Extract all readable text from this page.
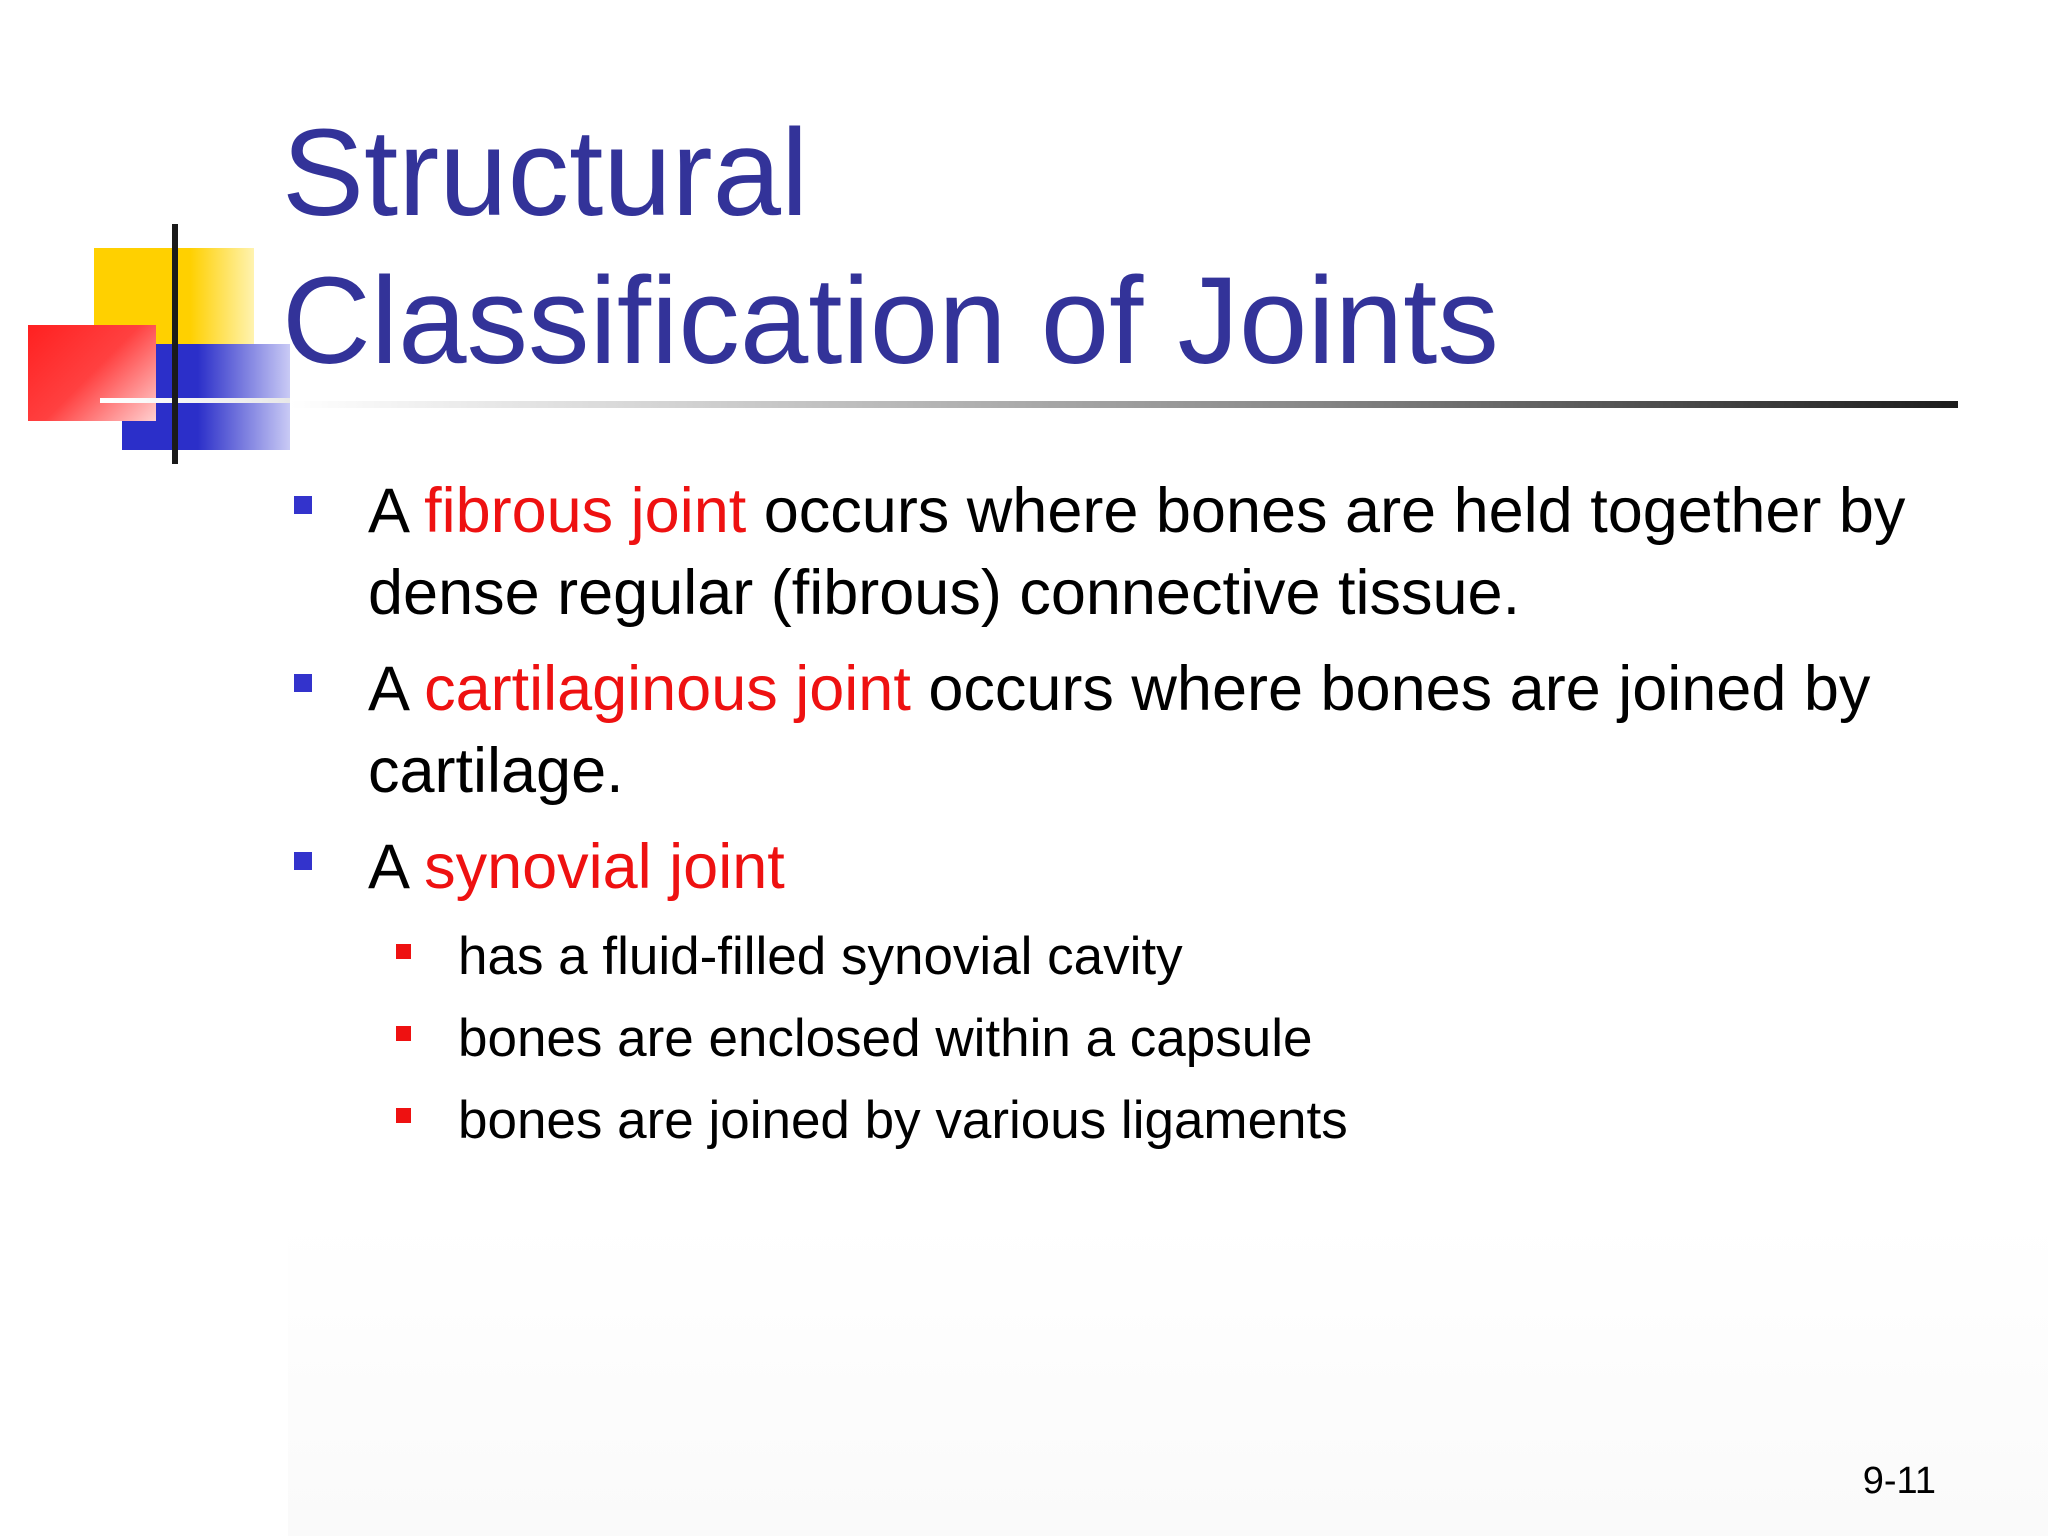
Structural
Classification of Joints
A fibrous joint occurs where bones are held together by dense regular (fibrous) connective tissue.
A cartilaginous joint occurs where bones are joined by cartilage.
A synovial joint
has a fluid-filled synovial cavity
bones are enclosed within a capsule
bones are joined by various ligaments
9-11
